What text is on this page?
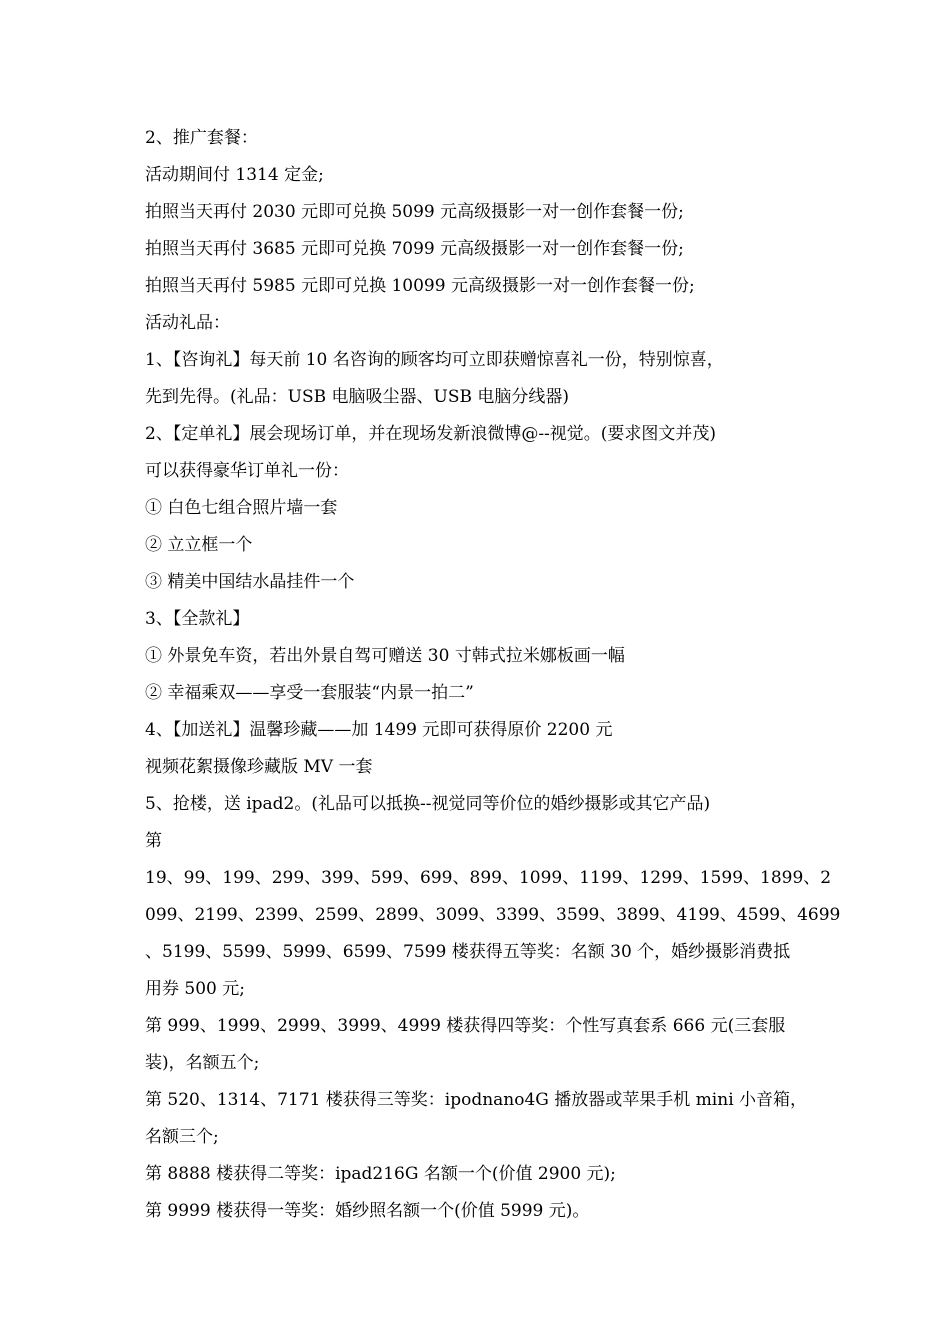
2、推广套餐：
活动期间付 1314 定金;
拍照当天再付 2030 元即可兑换 5099 元高级摄影一对一创作套餐一份;
拍照当天再付 3685 元即可兑换 7099 元高级摄影一对一创作套餐一份;
拍照当天再付 5985 元即可兑换 10099 元高级摄影一对一创作套餐一份;
活动礼品：
1、【咨询礼】每天前 10 名咨询的顾客均可立即获赠惊喜礼一份，特别惊喜，
先到先得。(礼品：USB 电脑吸尘器、USB 电脑分线器)
2、【定单礼】展会现场订单，并在现场发新浪微博@--视觉。(要求图文并茂)
可以获得豪华订单礼一份：
① 白色七组合照片墙一套
② 立立框一个
③ 精美中国结水晶挂件一个
3、【全款礼】
① 外景免车资，若出外景自驾可赠送 30 寸韩式拉米娜板画一幅
② 幸福乘双——享受一套服装“内景一拍二”
4、【加送礼】温馨珍藏——加 1499 元即可获得原价 2200 元
视频花絮摄像珍藏版 MV 一套
5、抢楼，送 ipad2。(礼品可以抵换--视觉同等价位的婚纱摄影或其它产品)
第
19、99、199、299、399、599、699、899、1099、1199、1299、1599、1899、2
099、2199、2399、2599、2899、3099、3399、3599、3899、4199、4599、4699
、5199、5599、5999、6599、7599 楼获得五等奖：名额 30 个，婚纱摄影消费抵
用券 500 元;
第 999、1999、2999、3999、4999 楼获得四等奖：个性写真套系 666 元(三套服
装)，名额五个;
第 520、1314、7171 楼获得三等奖：ipodnano4G 播放器或苹果手机 mini 小音箱，
名额三个;
第 8888 楼获得二等奖：ipad216G 名额一个(价值 2900 元);
第 9999 楼获得一等奖：婚纱照名额一个(价值 5999 元)。
